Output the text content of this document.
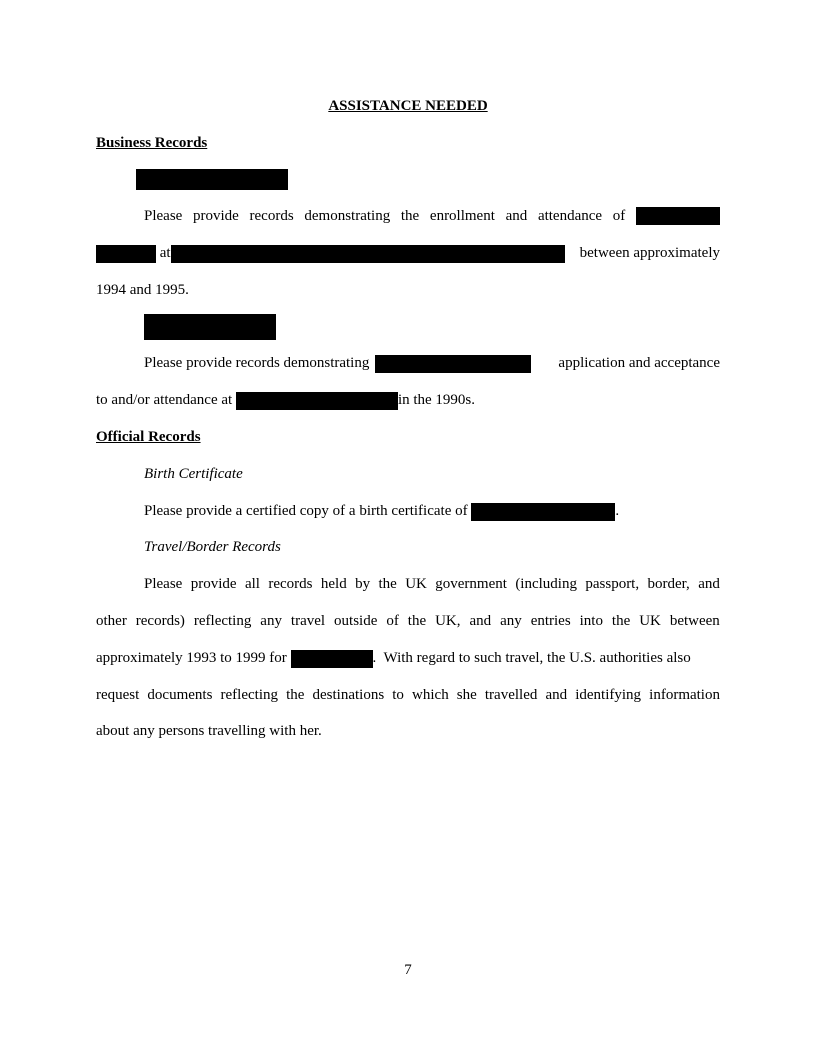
ASSISTANCE NEEDED
Business Records
Please provide records demonstrating the enrollment and attendance of
at	between approximately
1994 and 1995.
Please provide records demonstrating	application and acceptance
to and/or attendance at	in the 1990s.
Official Records
Birth Certificate
Please provide a certified copy of a birth certificate of	.
Travel/Border Records
Please provide all records held by the UK government (including passport, border, and
other records) reflecting any travel outside of the UK, and any entries into the UK between
approximately 1993 to 1999 for	.  With regard to such travel, the U.S. authorities also
request documents reflecting the destinations to which she travelled and identifying information
about any persons travelling with her.
7
